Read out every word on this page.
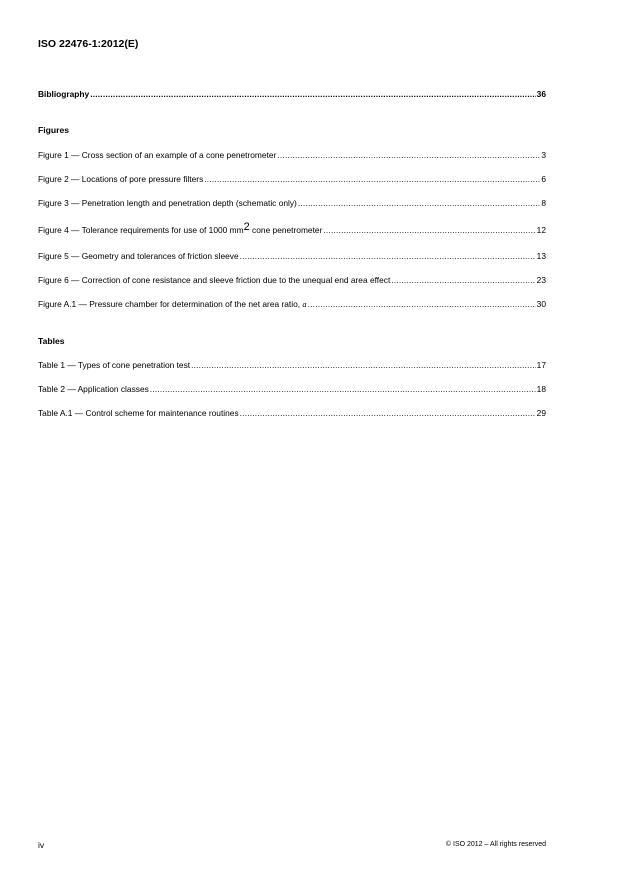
ISO 22476-1:2012(E)
Bibliography .....	36
Figures
Figure 1 — Cross section of an example of a cone penetrometer .....	3
Figure 2 — Locations of pore pressure filters .....	6
Figure 3 — Penetration length and penetration depth (schematic only) .....	8
Figure 4 — Tolerance requirements for use of 1000 mm2 cone penetrometer .....	12
Figure 5 — Geometry and tolerances of friction sleeve .....	13
Figure 6 — Correction of cone resistance and sleeve friction due to the unequal end area effect .....	23
Figure A.1 — Pressure chamber for determination of the net area ratio, a .....	30
Tables
Table 1 — Types of cone penetration test .....	17
Table 2 — Application classes .....	18
Table A.1 — Control scheme for maintenance routines .....	29
iv	© ISO 2012 – All rights reserved
